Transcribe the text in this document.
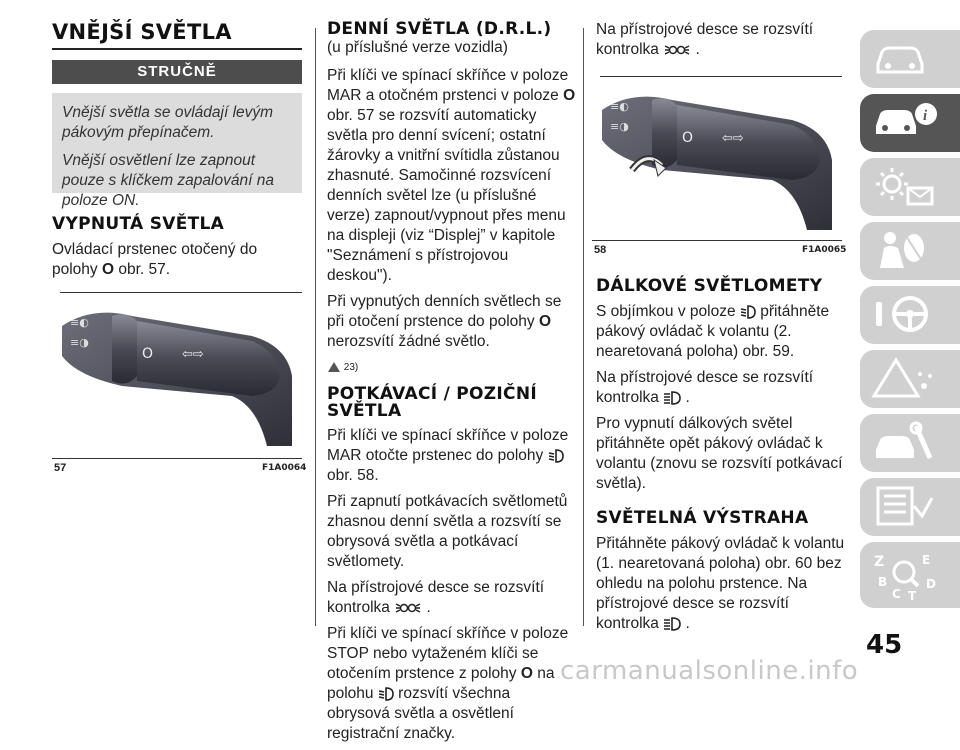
VNĚJŠÍ SVĚTLA
STRUČNĚ

Vnější světla se ovládají levým pákovým přepínačem.

Vnější osvětlení lze zapnout pouze s klíčkem zapalování na poloze ON.

VYPNUTÁ SVĚTLA
Ovládací prstenec otočený do polohy O obr. 57.
≡◐
≡◑
O ⇦⇨
57	F1A0064
DENNÍ SVĚTLA (D.R.L.)

(u příslušné verze vozidla)

Při klíči ve spínací skříňce v poloze MAR a otočném prstenci v poloze O obr. 57 se rozsvítí automaticky světla pro denní svícení; ostatní žárovky a vnitřní svítidla zůstanou zhasnuté. Samočinné rozsvícení denních světel lze (u příslušné verze) zapnout/vypnout přes menu na displeji (viz “Displej” v kapitole "Seznámení s přístrojovou deskou").

Při vypnutých denních světlech se při otočení prstence do polohy O nerozsvítí žádné světlo.

23)
POTKÁVACÍ / POZIČNÍ
SVĚTLA

Při klíči ve spínací skříňce v poloze MAR otočte prstenec do polohy  obr. 58.

Při zapnutí potkávacích světlometů zhasnou denní světla a rozsvítí se obrysová světla a potkávací světlomety.

Na přístrojové desce se rozsvítí kontrolka .

Při klíči ve spínací skříňce v poloze STOP nebo vytaženém klíči se otočením prstence z polohy O na polohu rozsvítí všechna obrysová světla a osvětlení registrační značky.

Na přístrojové desce se rozsvítí kontrolka .

≡◐
≡◑
O ⇦⇨
58	F1A0065
DÁLKOVÉ SVĚTLOMETY

S objímkou v poloze přitáhněte pákový ovládač k volantu (2. nearetovaná poloha) obr. 59.

Na přístrojové desce se rozsvítí kontrolka .

Pro vypnutí dálkových světel přitáhněte opět pákový ovládač k volantu (znovu se rozsvítí potkávací světla).

SVĚTELNÁ VÝSTRAHA

Přitáhněte pákový ovládač k volantu (1. nearetovaná poloha) obr. 60 bez ohledu na polohu prstence. Na přístrojové desce se rozsvítí kontrolka .

i
Z	E
B	D
C T
45
carmanualsonline.info
